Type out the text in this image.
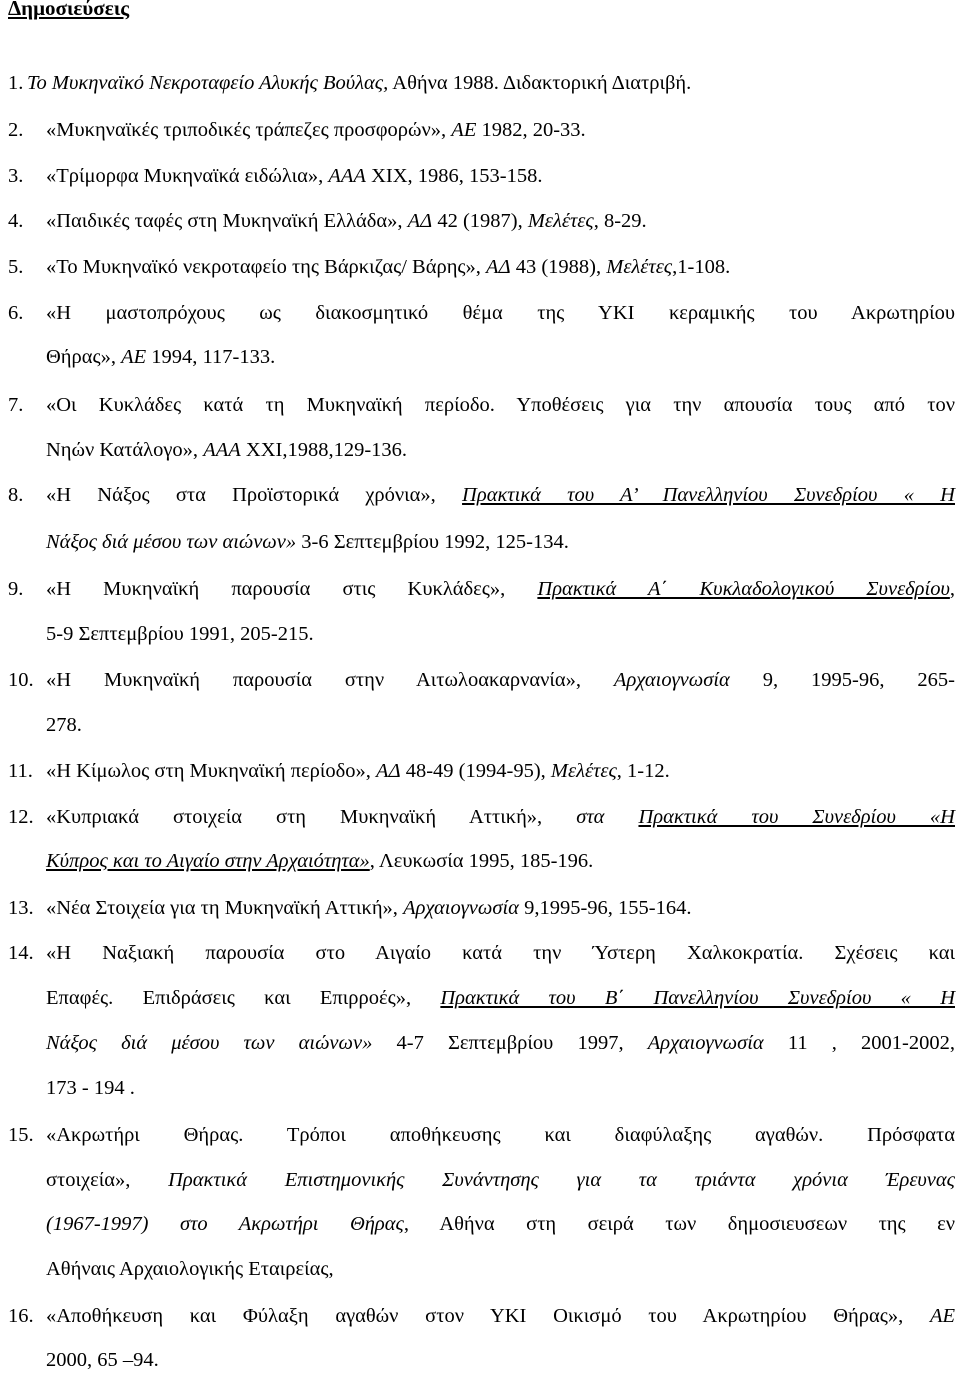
Δημοσιεύσεις
1. Το Μυκηναϊκό Νεκροταφείο Αλυκής Βούλας, Αθήνα 1988. Διδακτορική Διατριβή.
2. «Μυκηναϊκές τριποδικές τράπεζες προσφορών», ΑΕ 1982, 20-33.
3. «Τρίμορφα Μυκηναϊκά ειδώλια», ΑΑΑ ΧΙΧ, 1986, 153-158.
4. «Παιδικές ταφές στη Μυκηναϊκή Ελλάδα», ΑΔ 42 (1987), Μελέτες, 8-29.
5. «Το Μυκηναϊκό νεκροταφείο της Βάρκιζας/ Βάρης», ΑΔ 43 (1988), Μελέτες,1-108.
6. «Η μαστοπρόχους ως διακοσμητικό θέμα της ΥΚΙ κεραμικής του Ακρωτηρίου
Θήρας», ΑΕ 1994, 117-133.
7. «Οι Κυκλάδες κατά τη Μυκηναϊκή περίοδο. Υποθέσεις για την απουσία τους από τον
Νηών Κατάλογο», ΑΑΑ ΧΧΙ,1988,129-136.
8. «Η Νάξος στα Προϊστορικά χρόνια», Πρακτικά του Α’ Πανελληνίου Συνεδρίου « Η
Νάξος διά μέσου των αιώνων» 3-6 Σεπτεμβρίου 1992, 125-134.
9. «Η Μυκηναϊκή παρουσία στις Κυκλάδες», Πρακτικά Α΄ Κυκλαδολογικού Συνεδρίου,
5-9 Σεπτεμβρίου 1991, 205-215.
10. «Η Μυκηναϊκή παρουσία στην Αιτωλοακαρνανία», Αρχαιογνωσία 9, 1995-96, 265-
278.
11. «Η Κίμωλος στη Μυκηναϊκή περίοδο», ΑΔ 48-49 (1994-95), Μελέτες, 1-12.
12. «Κυπριακά στοιχεία στη Μυκηναϊκή Αττική», στα Πρακτικά του Συνεδρίου «Η
Κύπρος και το Αιγαίο στην Αρχαιότητα», Λευκωσία 1995, 185-196.
13. «Νέα Στοιχεία για τη Μυκηναϊκή Αττική», Αρχαιογνωσία 9,1995-96, 155-164.
14. «Η Ναξιακή παρουσία στο Αιγαίο κατά την Ύστερη Χαλκοκρατία. Σχέσεις και
Επαφές. Επιδράσεις και Επιρροές», Πρακτικά του Β΄ Πανελληνίου Συνεδρίου « Η
Νάξος διά μέσου των αιώνων» 4-7 Σεπτεμβρίου 1997, Αρχαιογνωσία 11 , 2001-2002,
173 - 194 .
15. «Ακρωτήρι Θήρας. Τρόποι αποθήκευσης και διαφύλαξης αγαθών. Πρόσφατα
στοιχεία», Πρακτικά Επιστημονικής Συνάντησης για τα τριάντα χρόνια Έρευνας
(1967-1997) στο Ακρωτήρι Θήρας, Αθήνα στη σειρά των δημοσιευσεων της εν
Αθήναις Αρχαιολογικής Εταιρείας,
16. «Αποθήκευση και Φύλαξη αγαθών στον ΥΚΙ Οικισμό του Ακρωτηρίου Θήρας», ΑΕ
2000, 65 –94.
